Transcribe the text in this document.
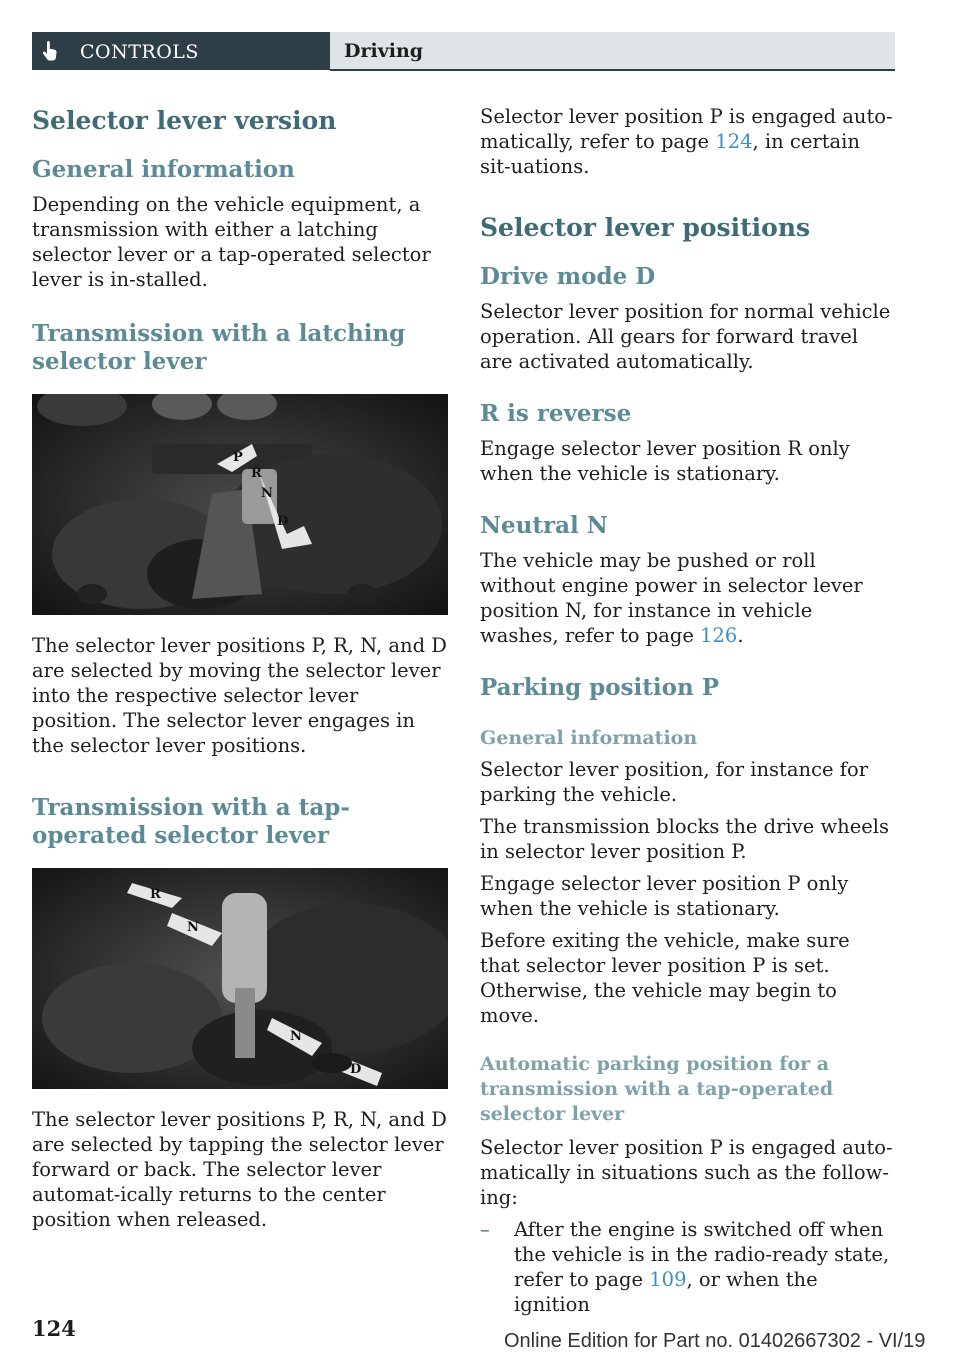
CONTROLS	Driving
Selector lever version
General information

Depending on the vehicle equipment, a transmission with either a latching selector lever or a tap-operated selector lever is in-stalled.

Transmission with a latching selector lever
P
R
N
D

The selector lever positions P, R, N, and D are selected by moving the selector lever into the respective selector lever position. The selector lever engages in the selector lever positions.

Transmission with a tap-operated selector lever
R
N
N
D

The selector lever positions P, R, N, and D are selected by tapping the selector lever forward or back. The selector lever automat-ically returns to the center position when released.

Selector lever position P is engaged auto-matically, refer to page 124, in certain sit-uations.

Selector lever positions
Drive mode D

Selector lever position for normal vehicle operation. All gears for forward travel are activated automatically.

R is reverse

Engage selector lever position R only when the vehicle is stationary.

Neutral N

The vehicle may be pushed or roll without engine power in selector lever position N, for instance in vehicle washes, refer to page 126.

Parking position P
General information

Selector lever position, for instance for parking the vehicle.

The transmission blocks the drive wheels in selector lever position P.

Engage selector lever position P only when the vehicle is stationary.

Before exiting the vehicle, make sure that selector lever position P is set. Otherwise, the vehicle may begin to move.

Automatic parking position for a transmission with a tap-operated selector lever

Selector lever position P is engaged auto-matically in situations such as the follow-ing:

– After the engine is switched off when the vehicle is in the radio-ready state, refer to page 109, or when the ignition
124	Online Edition for Part no. 01402667302 - VI/19
